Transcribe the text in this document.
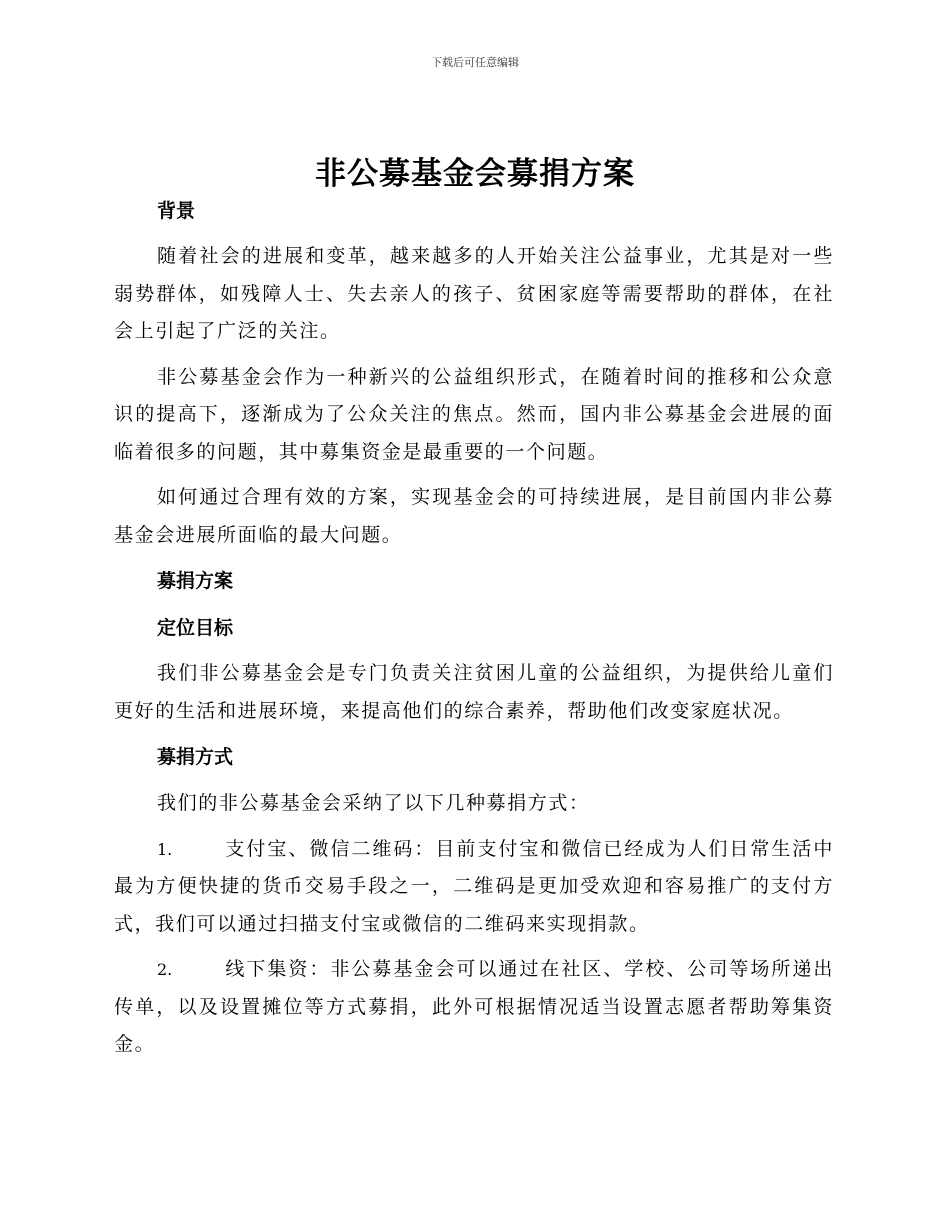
下载后可任意编辑
非公募基金会募捐方案

背景

随着社会的进展和变革，越来越多的人开始关注公益事业，尤其是对一些弱势群体，如残障人士、失去亲人的孩子、贫困家庭等需要帮助的群体，在社会上引起了广泛的关注。

非公募基金会作为一种新兴的公益组织形式，在随着时间的推移和公众意识的提高下，逐渐成为了公众关注的焦点。然而，国内非公募基金会进展的面临着很多的问题，其中募集资金是最重要的一个问题。

如何通过合理有效的方案，实现基金会的可持续进展，是目前国内非公募基金会进展所面临的最大问题。

募捐方案

定位目标

我们非公募基金会是专门负责关注贫困儿童的公益组织，为提供给儿童们更好的生活和进展环境，来提高他们的综合素养，帮助他们改变家庭状况。

募捐方式

我们的非公募基金会采纳了以下几种募捐方式：

1.	支付宝、微信二维码：目前支付宝和微信已经成为人们日常生活中最为方便快捷的货币交易手段之一，二维码是更加受欢迎和容易推广的支付方式，我们可以通过扫描支付宝或微信的二维码来实现捐款。

2.	线下集资：非公募基金会可以通过在社区、学校、公司等场所递出传单，以及设置摊位等方式募捐，此外可根据情况适当设置志愿者帮助筹集资金。
